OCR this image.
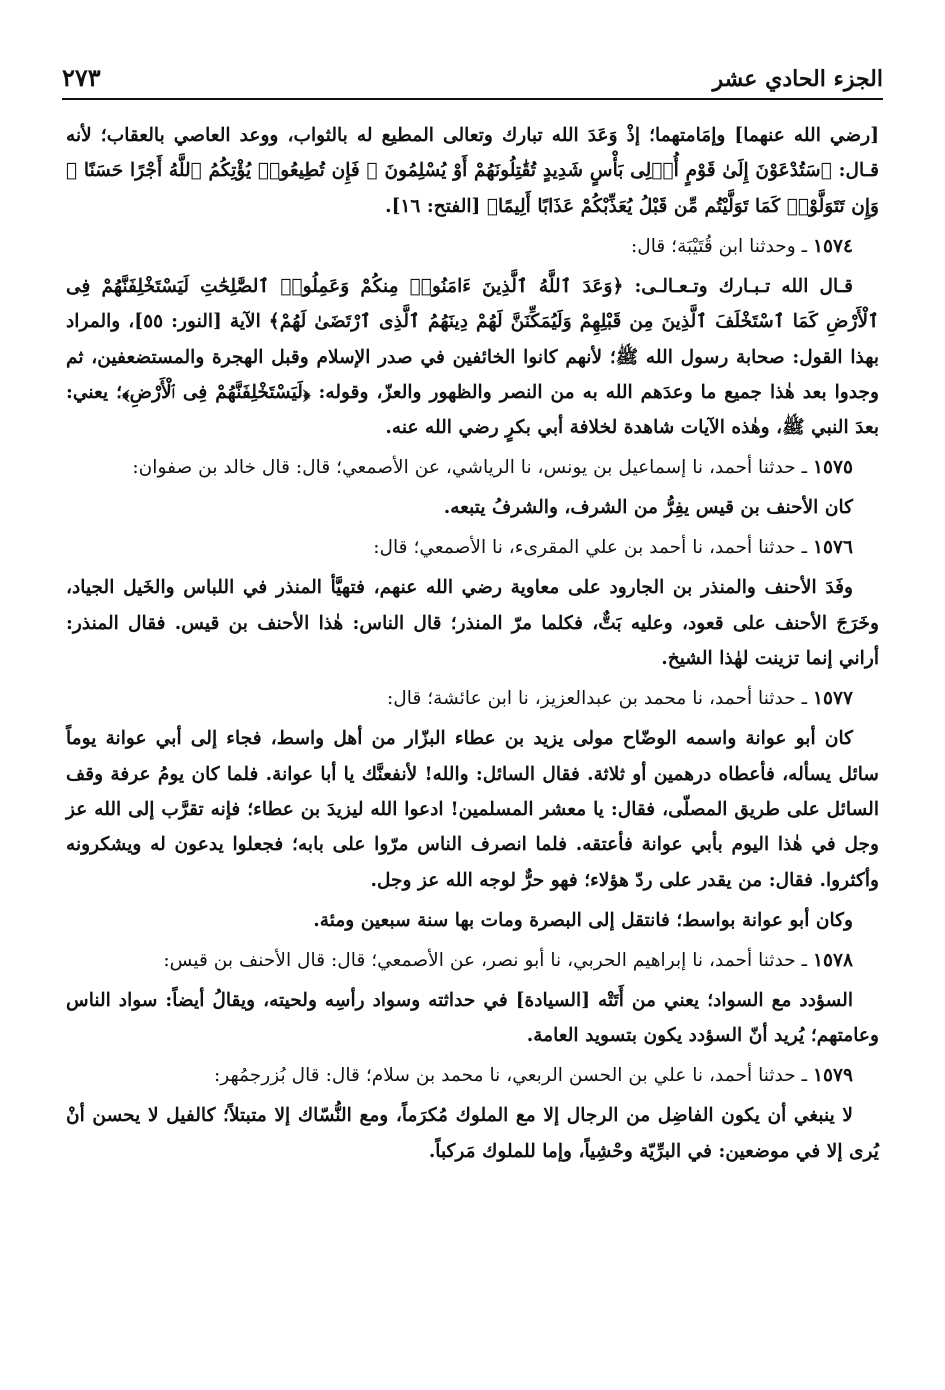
الجزء الحادي عشر
٢٧٣

[رضي الله عنهما] وإمَامتهما؛ إذْ وَعَدَ الله تبارك وتعالى المطيع له بالثواب، ووعد العاصي بالعقاب؛ لأنه قـال: ﴿سَتُدْعَوْنَ إِلَىٰ قَوْمٍ أُو۟لِى بَأْسٍ شَدِيدٍ تُقَٰتِلُونَهُمْ أَوْ يُسْلِمُونَ ۖ فَإِن تُطِيعُوا۟ يُؤْتِكُمُ ٱللَّهُ أَجْرًا حَسَنًا ۖ وَإِن تَتَوَلَّوْا۟ كَمَا تَوَلَّيْتُم مِّن قَبْلُ يُعَذِّبْكُمْ عَذَابًا أَلِيمًا﴾ [الفتح: ١٦].

١٥٧٤ ـ وحدثنا ابن قُتَيْبَة؛ قال:

قـال الله تـبـارك وتـعـالـى: ﴿وَعَدَ ٱللَّهُ ٱلَّذِينَ ءَامَنُوا۟ مِنكُمْ وَعَمِلُوا۟ ٱلصَّٰلِحَٰتِ لَيَسْتَخْلِفَنَّهُمْ فِى ٱلْأَرْضِ كَمَا ٱسْتَخْلَفَ ٱلَّذِينَ مِن قَبْلِهِمْ وَلَيُمَكِّنَنَّ لَهُمْ دِينَهُمُ ٱلَّذِى ٱرْتَضَىٰ لَهُمْ﴾ الآية [النور: ٥٥]، والمراد بهذا القول: صحابة رسول الله ﷺ؛ لأنهم كانوا الخائفين في صدر الإسلام وقبل الهجرة والمستضعفين، ثم وجدوا بعد هٰذا جميع ما وعدَهم الله به من النصر والظهور والعزّ، وقوله: ﴿لَيَسْتَخْلِفَنَّهُمْ فِى ٱلْأَرْضِ﴾؛ يعني: بعدَ النبي ﷺ، وهٰذه الآيات شاهدة لخلافة أبي بكرٍ رضي الله عنه.

١٥٧٥ ـ حدثنا أحمد، نا إسماعيل بن يونس، نا الرياشي، عن الأصمعي؛ قال: قال خالد بن صفوان:

كان الأحنف بن قيس يفِرُّ من الشرف، والشرفُ يتبعه.

١٥٧٦ ـ حدثنا أحمد، نا أحمد بن علي المقرىء، نا الأصمعي؛ قال:

وفَدَ الأحنف والمنذر بن الجارود على معاوية رضي الله عنهم، فتهيَّأ المنذر في اللباس والخَيل الجياد، وخَرَجَ الأحنف على قعود، وعليه بَتٌّ، فكلما مرّ المنذر؛ قال الناس: هٰذا الأحنف بن قيس. فقال المنذر: أراني إنما تزينت لهٰذا الشيخ.

١٥٧٧ ـ حدثنا أحمد، نا محمد بن عبدالعزيز، نا ابن عائشة؛ قال:

كان أبو عوانة واسمه الوضّاح مولى يزيد بن عطاء البزّار من أهل واسط، فجاء إلى أبي عوانة يوماً سائل يسأله، فأعطاه درهمين أو ثلاثة. فقال السائل: والله! لأنفعنَّك يا أبا عوانة. فلما كان يومُ عرفة وقف السائل على طريق المصلّى، فقال: يا معشر المسلمين! ادعوا الله ليزيدَ بن عطاء؛ فإنه تقرَّب إلى الله عز وجل في هٰذا اليوم بأبي عوانة فأعتقه. فلما انصرف الناس مرّوا على بابه؛ فجعلوا يدعون له ويشكرونه وأكثروا. فقال: من يقدر على ردّ هؤلاء؛ فهو حرٌّ لوجه الله عز وجل.

وكان أبو عوانة بواسط؛ فانتقل إلى البصرة ومات بها سنة سبعين ومئة.

١٥٧٨ ـ حدثنا أحمد، نا إبراهيم الحربي، نا أبو نصر، عن الأصمعي؛ قال: قال الأحنف بن قيس:

السؤدد مع السواد؛ يعني من أَتَتْه [السيادة] في حداثته وسواد رأسِه ولحيته، ويقالُ أيضاً: سواد الناس وعامتهم؛ يُريد أنّ السؤدد يكون بتسويد العامة.

١٥٧٩ ـ حدثنا أحمد، نا علي بن الحسن الربعي، نا محمد بن سلام؛ قال: قال بُزرجمُهر:

لا ينبغي أن يكون الفاضِل من الرجال إلا مع الملوك مُكرَماً، ومع النُّسّاك إلا متبتلاً؛ كالفيل لا يحسن أنْ يُرى إلا في موضعين: في البرِّيّة وحْشِياً، وإما للملوك مَركباً.
